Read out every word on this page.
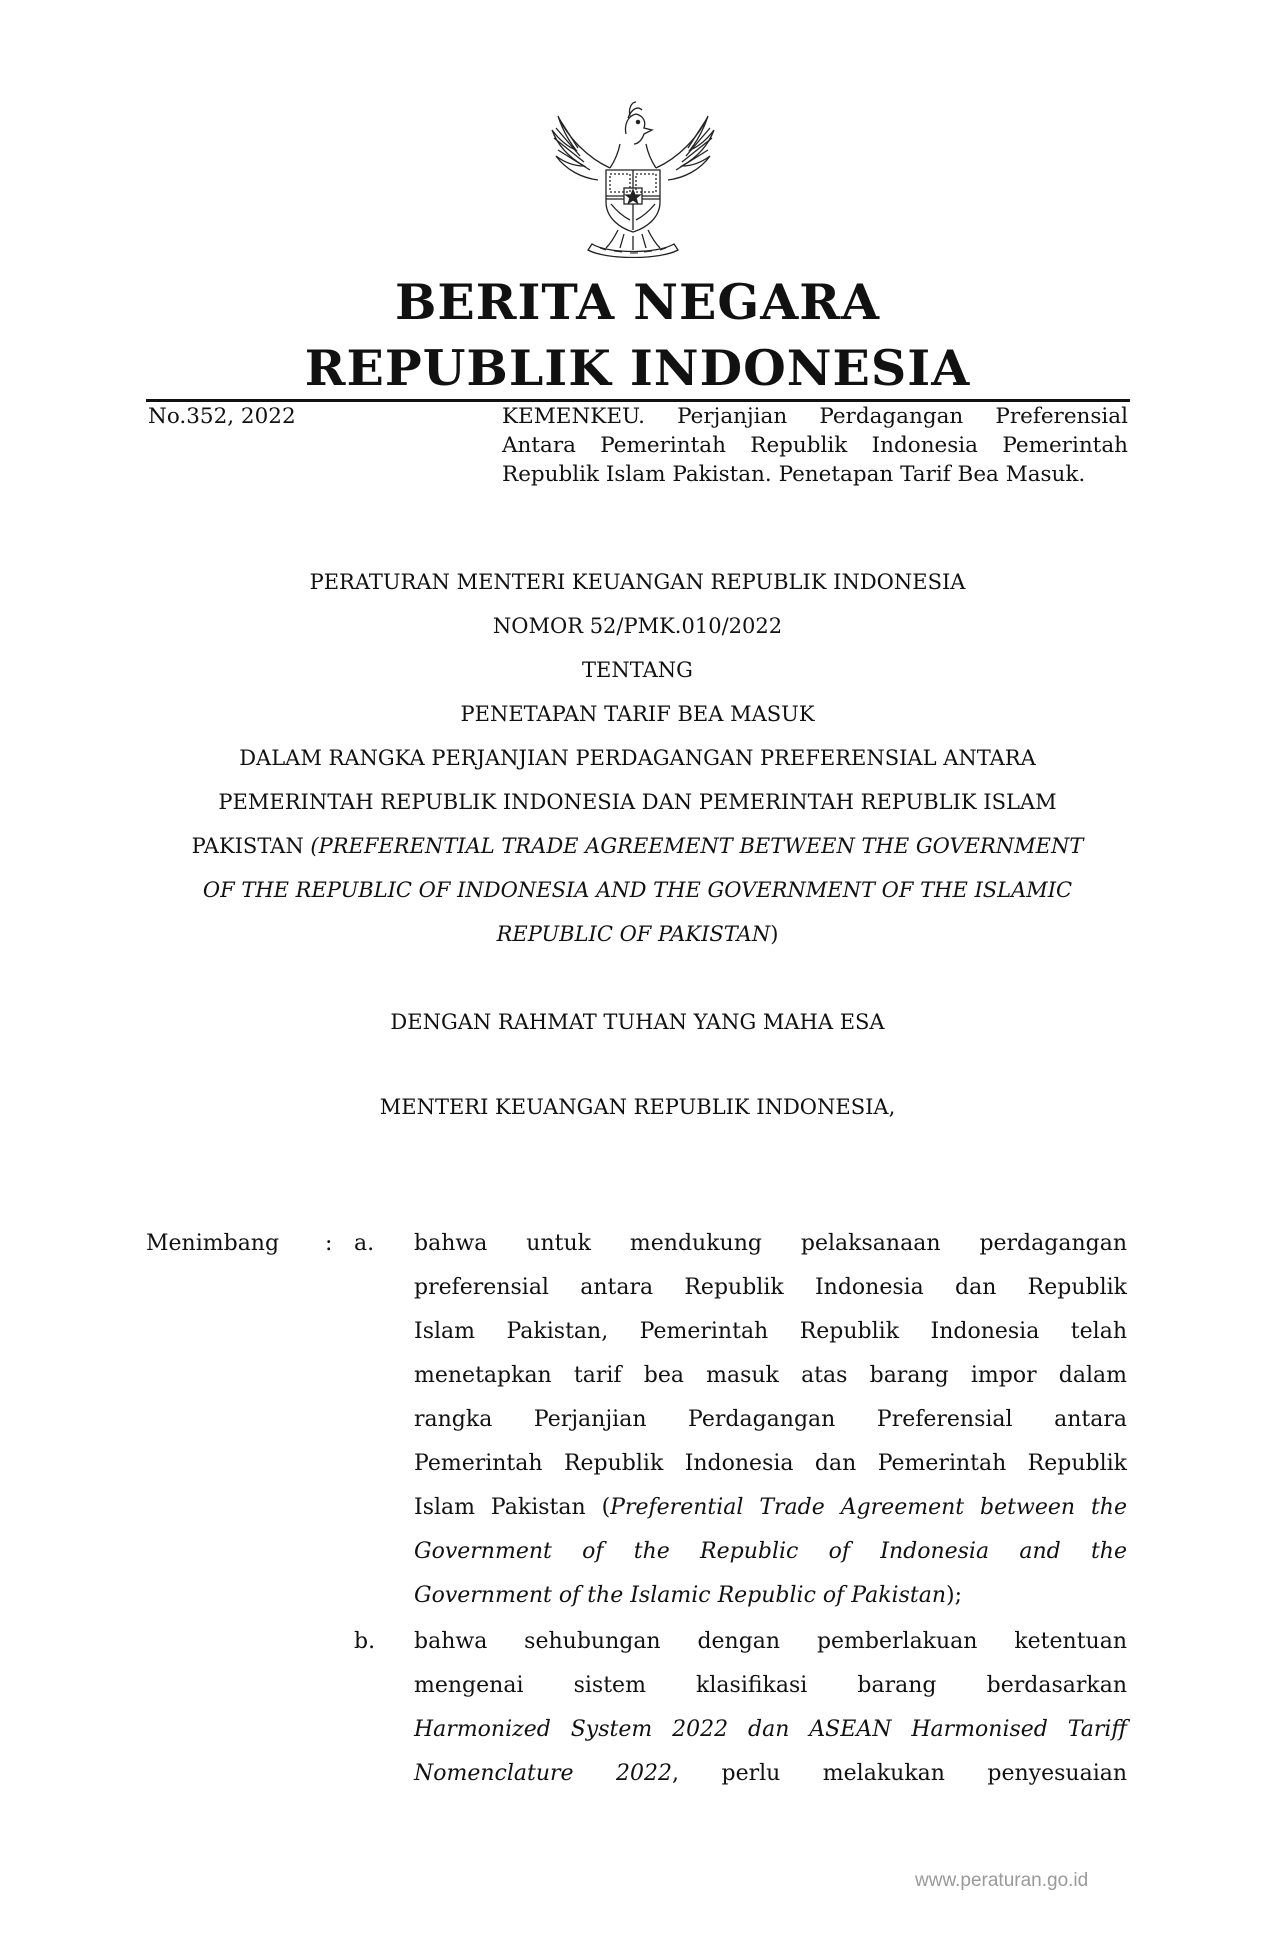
BERITA NEGARA
REPUBLIK INDONESIA
No.352, 2022	KEMENKEU. Perjanjian Perdagangan Preferensial Antara Pemerintah Republik Indonesia Pemerintah Republik Islam Pakistan. Penetapan Tarif Bea Masuk.
PERATURAN MENTERI KEUANGAN REPUBLIK INDONESIA
NOMOR 52/PMK.010/2022
TENTANG
PENETAPAN TARIF BEA MASUK
DALAM RANGKA PERJANJIAN PERDAGANGAN PREFERENSIAL ANTARA
PEMERINTAH REPUBLIK INDONESIA DAN PEMERINTAH REPUBLIK ISLAM
PAKISTAN (PREFERENTIAL TRADE AGREEMENT BETWEEN THE GOVERNMENT
OF THE REPUBLIC OF INDONESIA AND THE GOVERNMENT OF THE ISLAMIC
REPUBLIC OF PAKISTAN)
DENGAN RAHMAT TUHAN YANG MAHA ESA
MENTERI KEUANGAN REPUBLIK INDONESIA,
Menimbang : a. bahwa untuk mendukung pelaksanaan perdagangan
preferensial antara Republik Indonesia dan Republik
Islam Pakistan, Pemerintah Republik Indonesia telah
menetapkan tarif bea masuk atas barang impor dalam
rangka Perjanjian Perdagangan Preferensial antara
Pemerintah Republik Indonesia dan Pemerintah Republik
Islam Pakistan (Preferential Trade Agreement between the
Government of the Republic of Indonesia and the
Government of the Islamic Republic of Pakistan);
b. bahwa sehubungan dengan pemberlakuan ketentuan
mengenai sistem klasifikasi barang berdasarkan
Harmonized System 2022 dan ASEAN Harmonised Tariff
Nomenclature 2022, perlu melakukan penyesuaian
www.peraturan.go.id
